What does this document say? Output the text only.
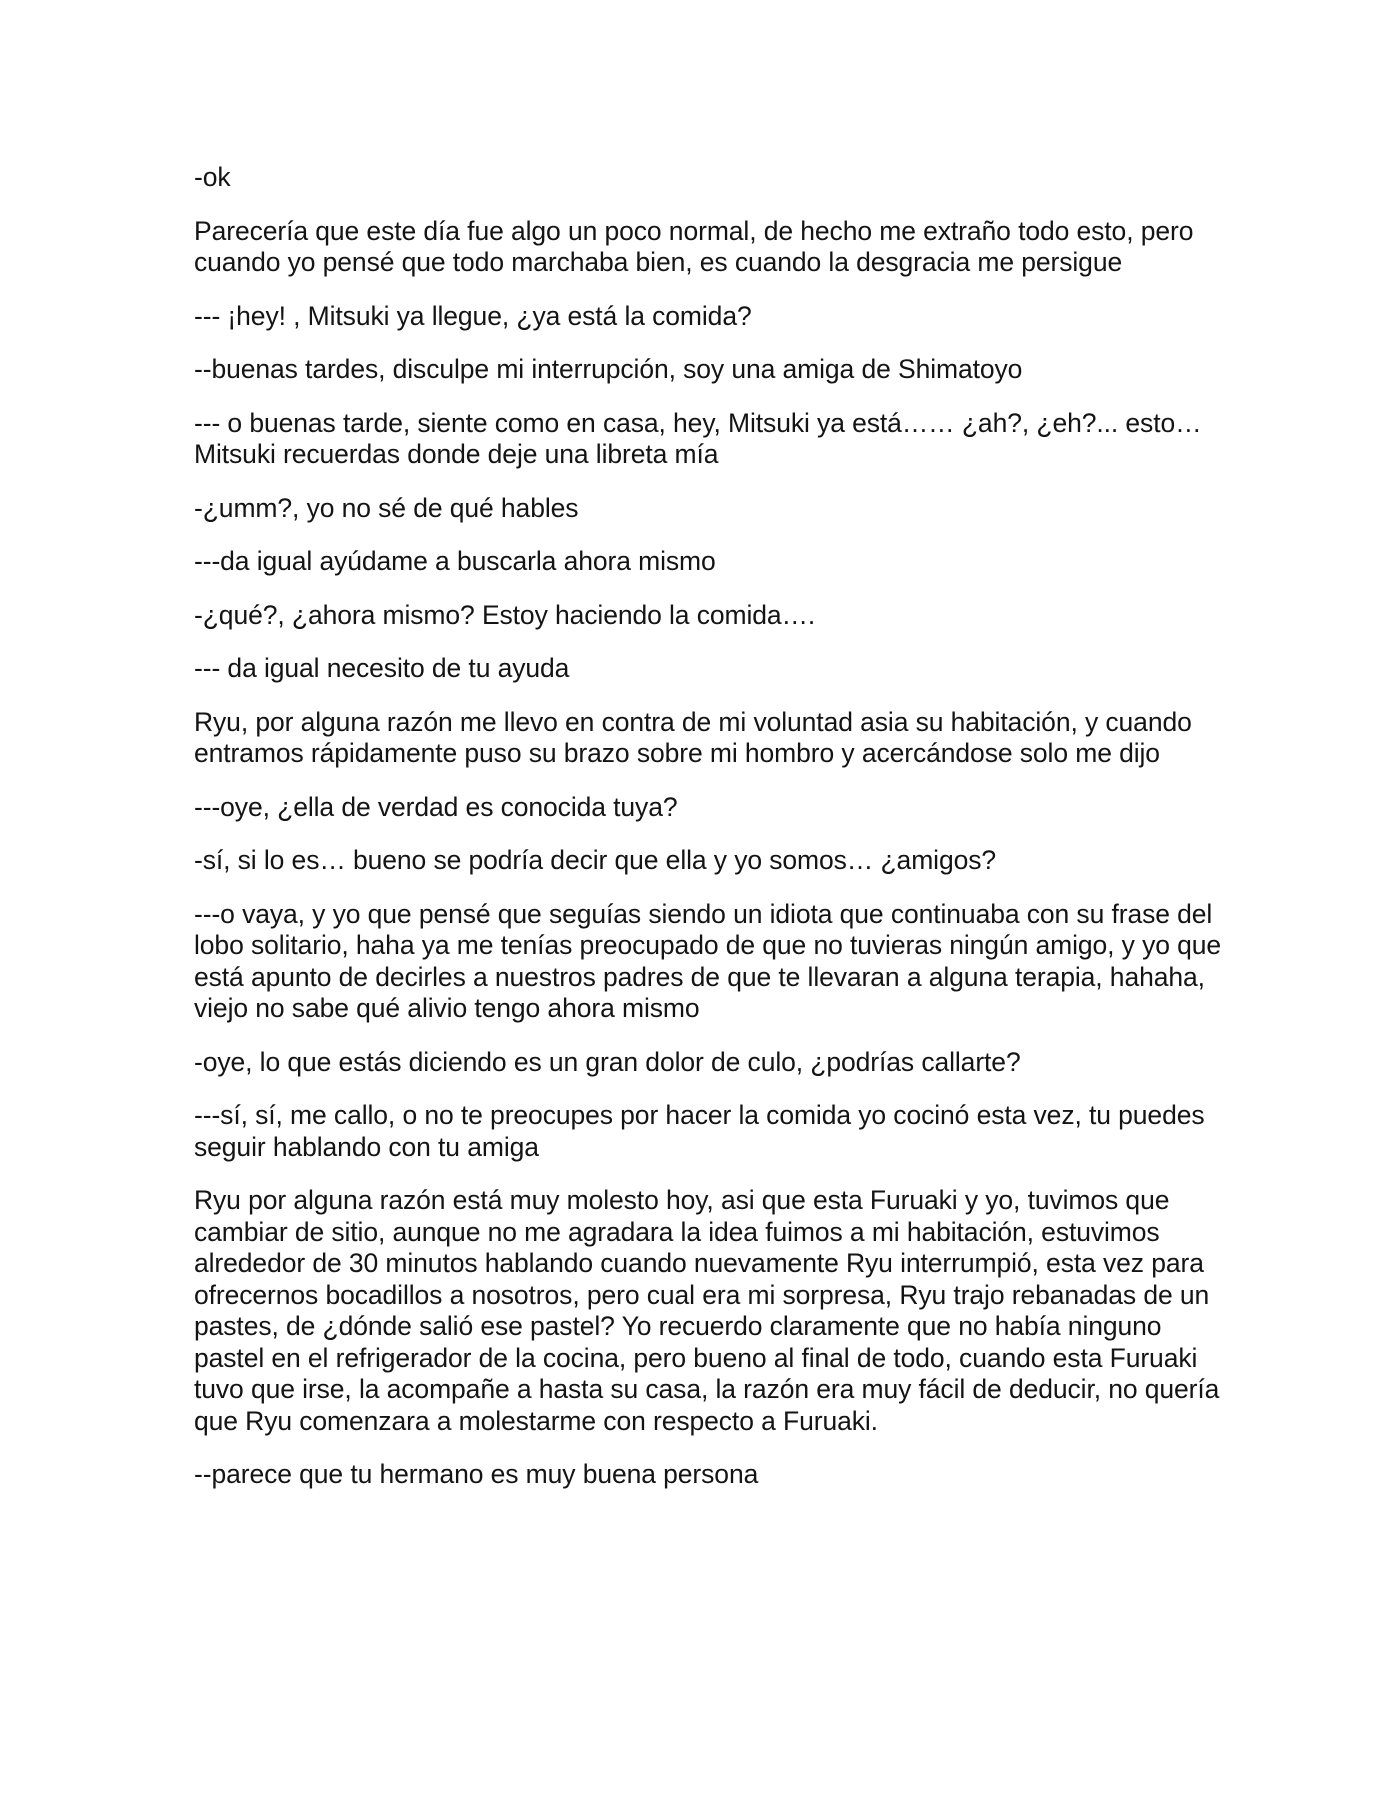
-ok

Parecería que este día fue algo un poco normal, de hecho me extraño todo esto, pero cuando yo pensé que todo marchaba bien, es cuando la desgracia me persigue

--- ¡hey! , Mitsuki ya llegue, ¿ya está la comida?

--buenas tardes, disculpe mi interrupción, soy una amiga de Shimatoyo

--- o buenas tarde, siente como en casa, hey, Mitsuki ya está…… ¿ah?, ¿eh?... esto… Mitsuki recuerdas donde deje una libreta mía

-¿umm?, yo no sé de qué hables

---da igual ayúdame a buscarla ahora mismo

-¿qué?, ¿ahora mismo? Estoy haciendo la comida….

--- da igual necesito de tu ayuda

Ryu, por alguna razón me llevo en contra de mi voluntad asia su habitación, y cuando entramos rápidamente puso su brazo sobre mi hombro y acercándose solo me dijo

---oye, ¿ella de verdad es conocida tuya?

-sí, si lo es… bueno se podría decir que ella y yo somos… ¿amigos?

---o vaya, y yo que pensé que seguías siendo un idiota que continuaba con su frase del lobo solitario, haha ya me tenías preocupado de que no tuvieras ningún amigo, y yo que está apunto de decirles a nuestros padres de que te llevaran a alguna terapia, hahaha, viejo no sabe qué alivio tengo ahora mismo

-oye, lo que estás diciendo es un gran dolor de culo, ¿podrías callarte?

---sí, sí, me callo, o no te preocupes por hacer la comida yo cocinó esta vez, tu puedes seguir hablando con tu amiga

Ryu por alguna razón está muy molesto hoy, asi que esta Furuaki y yo, tuvimos que cambiar de sitio, aunque no me agradara la idea fuimos a mi habitación, estuvimos alrededor de 30 minutos hablando cuando nuevamente Ryu interrumpió, esta vez para ofrecernos bocadillos a nosotros, pero cual era mi sorpresa, Ryu trajo rebanadas de un pastes, de ¿dónde salió ese pastel? Yo recuerdo claramente que no había ninguno pastel en el refrigerador de la cocina, pero bueno al final de todo, cuando esta Furuaki tuvo que irse, la acompañe a hasta su casa, la razón era muy fácil de deducir, no quería que Ryu comenzara a molestarme con respecto a Furuaki.

--parece que tu hermano es muy buena persona
